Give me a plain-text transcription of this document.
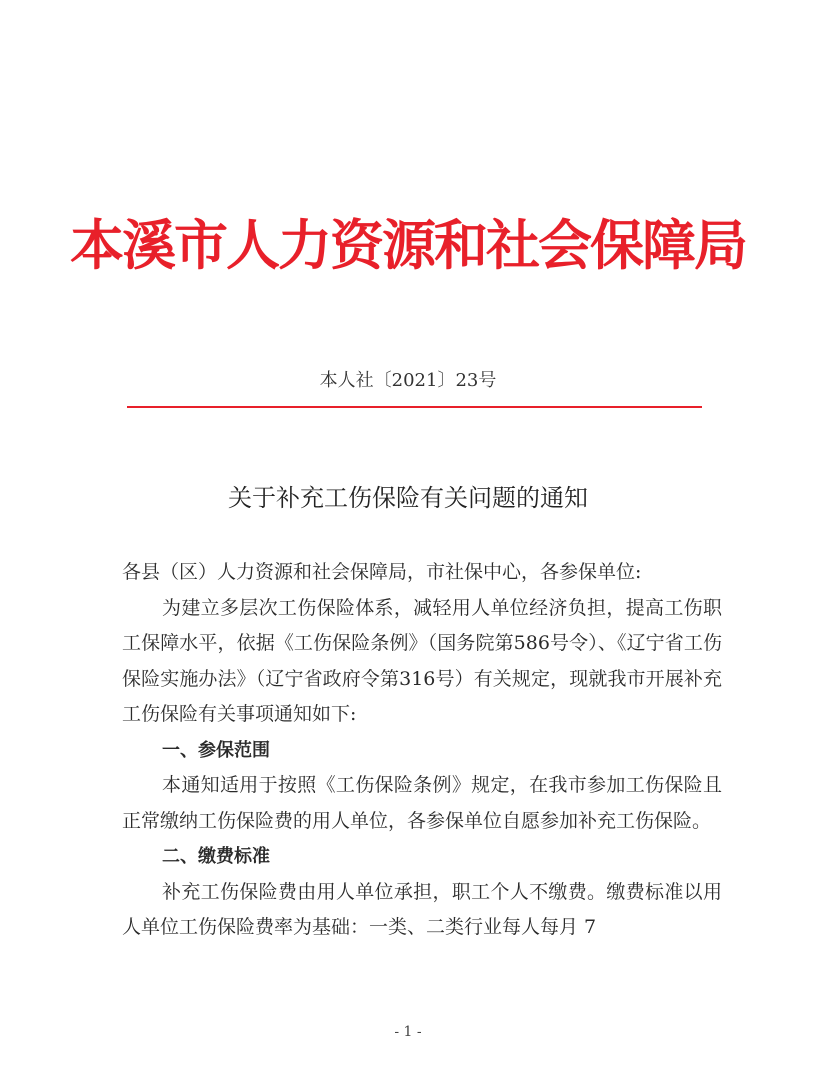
本溪市人力资源和社会保障局
本人社〔2021〕23号
关于补充工伤保险有关问题的通知

各县（区）人力资源和社会保障局，市社保中心，各参保单位:

为建立多层次工伤保险体系，减轻用人单位经济负担，提高工伤职工保障水平，依据《工伤保险条例》（国务院第586号令）、《辽宁省工伤保险实施办法》（辽宁省政府令第316号）有关规定，现就我市开展补充工伤保险有关事项通知如下:

一、参保范围

本通知适用于按照《工伤保险条例》规定，在我市参加工伤保险且正常缴纳工伤保险费的用人单位，各参保单位自愿参加补充工伤保险。

二、缴费标准

补充工伤保险费由用人单位承担，职工个人不缴费。缴费标准以用人单位工伤保险费率为基础：一类、二类行业每人每月 7

- 1 -
